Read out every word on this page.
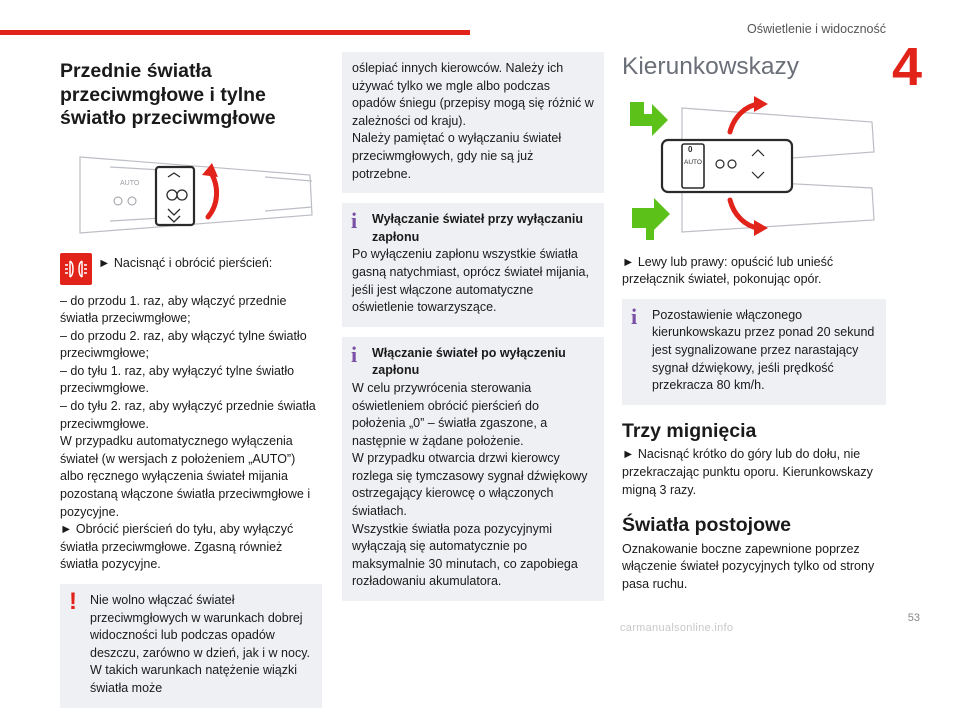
Oświetlenie i widoczność
4
Przednie światła przeciwmgłowe i tylne światło przeciwmgłowe
AUTO
► Nacisnąć i obrócić pierścień:
– do przodu 1. raz, aby włączyć przednie światła przeciwmgłowe;
– do przodu 2. raz, aby włączyć tylne światło przeciwmgłowe;
– do tyłu 1. raz, aby wyłączyć tylne światło przeciwmgłowe.
– do tyłu 2. raz, aby wyłączyć przednie światła przeciwmgłowe.
W przypadku automatycznego wyłączenia świateł (w wersjach z położeniem „AUTO”) albo ręcznego wyłączenia świateł mijania pozostaną włączone światła przeciwmgłowe i pozycyjne.
► Obrócić pierścień do tyłu, aby wyłączyć światła przeciwmgłowe. Zgasną również światła pozycyjne.
!	Nie wolno włączać świateł przeciwmgłowych w warunkach dobrej widoczności lub podczas opadów deszczu, zarówno w dzień, jak i w nocy. W takich warunkach natężenie wiązki światła może
oślepiać innych kierowców. Należy ich używać tylko we mgle albo podczas opadów śniegu (przepisy mogą się różnić w zależności od kraju).
Należy pamiętać o wyłączaniu świateł przeciwmgłowych, gdy nie są już potrzebne.
i	Wyłączanie świateł przy wyłączaniu zapłonu
Po wyłączeniu zapłonu wszystkie światła gasną natychmiast, oprócz świateł mijania, jeśli jest włączone automatyczne oświetlenie towarzyszące.
i	Włączanie świateł po wyłączeniu zapłonu
W celu przywrócenia sterowania oświetleniem obrócić pierścień do położenia „0” – światła zgaszone, a następnie w żądane położenie.
W przypadku otwarcia drzwi kierowcy rozlega się tymczasowy sygnał dźwiękowy ostrzegający kierowcę o włączonych światłach.
Wszystkie światła poza pozycyjnymi wyłączają się automatycznie po maksymalnie 30 minutach, co zapobiega rozładowaniu akumulatora.
Kierunkowskazy
0
AUTO
► Lewy lub prawy: opuścić lub unieść przełącznik świateł, pokonując opór.
i	Pozostawienie włączonego kierunkowskazu przez ponad 20 sekund jest sygnalizowane przez narastający sygnał dźwiękowy, jeśli prędkość przekracza 80 km/h.
Trzy mignięcia
► Nacisnąć krótko do góry lub do dołu, nie przekraczając punktu oporu. Kierunkowskazy migną 3 razy.
Światła postojowe
Oznakowanie boczne zapewnione poprzez włączenie świateł pozycyjnych tylko od strony pasa ruchu.
53
carmanualsonline.info
